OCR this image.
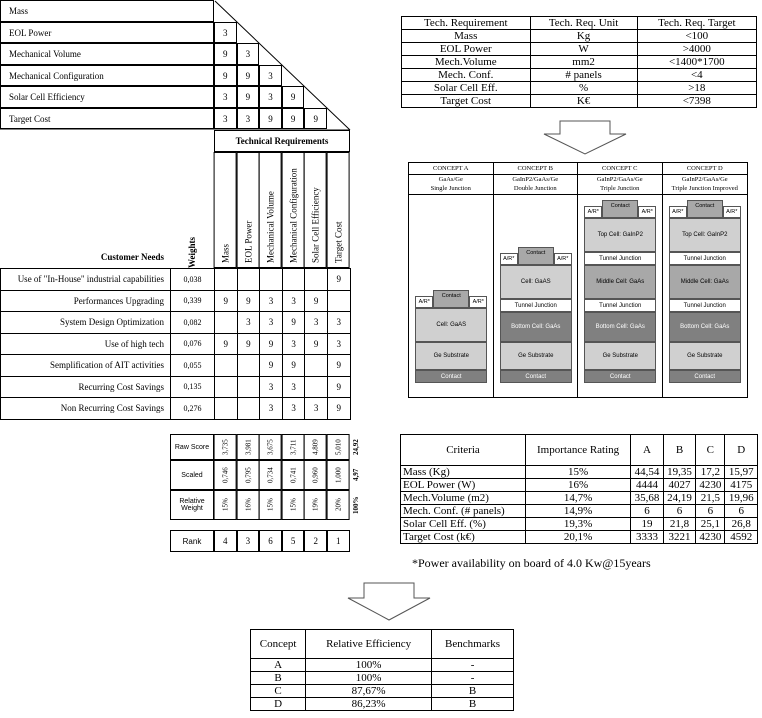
Mass
EOL Power	3
Mechanical Volume	9	3
Mechanical Configuration	9	9	3
Solar Cell Efficiency	3	9	3	9
Target Cost	3	3	9	9	9
Technical Requirements
Customer Needs	Weights	Mass	EOL Power	Mechanical Volume	Mechanical Configuration	Solar Cell Efficiency	Target Cost
Use of "In-House" industrial capabilities	0,038						9
Performances Upgrading	0,339	9	9	3	3	9	
System Design Optimization	0,082		3	3	9	3	3
Use of high tech	0,076	9	9	9	3	9	3
Semplification of AIT activities	0,055			9	9		9
Recurring Cost Savings	0,135			3	3		9
Non Recurring Cost Savings	0,276			3	3	3	9
Raw Score	3,735	3,981	3,675	3,711	4,809	5,010	24,92
Scaled	0,746	0,795	0,734	0,741	0,960	1,000	4,97
Relative Weight	15%	16%	15%	15%	19%	20%	100%
Rank	4	3	6	5	2	1
Tech. Requirement	Tech. Req. Unit	Tech. Req. Target
Mass	Kg	<100
EOL Power	W	>4000
Mech.Volume	mm2	<1400*1700
Mech. Conf.	# panels	<4
Solar Cell Eff.	%	>18
Target Cost	K€	<7398
CONCEPT A
GaAs/Ge
Single Junction
Contact
Ge Substrate
Cell: GaAS
A/R*
Contact
A/R*
CONCEPT B
GaInP2/GaAs/Ge
Double Junction
Contact
Ge Substrate
Bottom Cell: GaAs
Tunnel Junction
Cell: GaAS
A/R*
Contact
A/R*
CONCEPT C
GaInP2/GaAs/Ge
Triple Junction
Contact
Ge Substrate
Bottom Cell: GaAs
Tunnel Junction
Middle Cell: GaAs
Tunnel Junction
Top Cell: GaInP2
A/R*
Contact
A/R*
CONCEPT D
GaInP2/GaAs/Ge
Triple Junction Improved
Contact
Ge Substrate
Bottom Cell: GaAs
Tunnel Junction
Middle Cell: GaAs
Tunnel Junction
Top Cell: GaInP2
A/R*
Contact
A/R*
Criteria	Importance Rating	A	B	C	D
Mass (Kg)	15%	44,54	19,35	17,2	15,97
EOL Power (W)	16%	4444	4027	4230	4175
Mech.Volume (m2)	14,7%	35,68	24,19	21,5	19,96
Mech. Conf. (# panels)	14,9%	6	6	6	6
Solar Cell Eff. (%)	19,3%	19	21,8	25,1	26,8
Target Cost (k€)	20,1%	3333	3221	4230	4592
*Power availability on board of 4.0 Kw@15years
Concept	Relative Efficiency	Benchmarks
A	100%	-
B	100%	-
C	87,67%	B
D	86,23%	B
